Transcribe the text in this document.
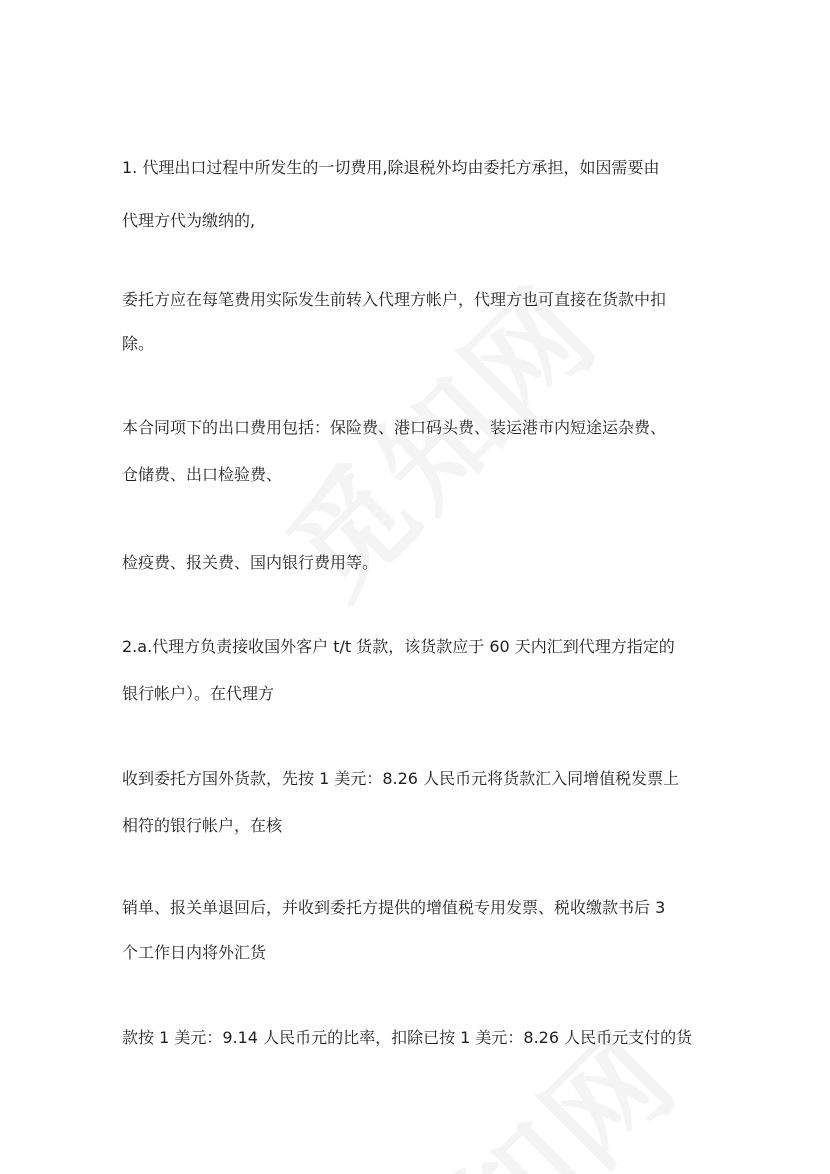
1. 代理出口过程中所发生的一切费用,除退税外均由委托方承担，如因需要由

代理方代为缴纳的,

委托方应在每笔费用实际发生前转入代理方帐户，代理方也可直接在货款中扣

除。

本合同项下的出口费用包括：保险费、港口码头费、装运港市内短途运杂费、

仓储费、出口检验费、

检疫费、报关费、国内银行费用等。

2.a.代理方负责接收国外客户 t/t 货款，该货款应于 60 天内汇到代理方指定的

银行帐户）。在代理方

收到委托方国外货款，先按 1 美元：8.26 人民币元将货款汇入同增值税发票上

相符的银行帐户，在核

销单、报关单退回后，并收到委托方提供的增值税专用发票、税收缴款书后 3

个工作日内将外汇货

款按 1 美元：9.14 人民币元的比率，扣除已按 1 美元：8.26 人民币元支付的货
